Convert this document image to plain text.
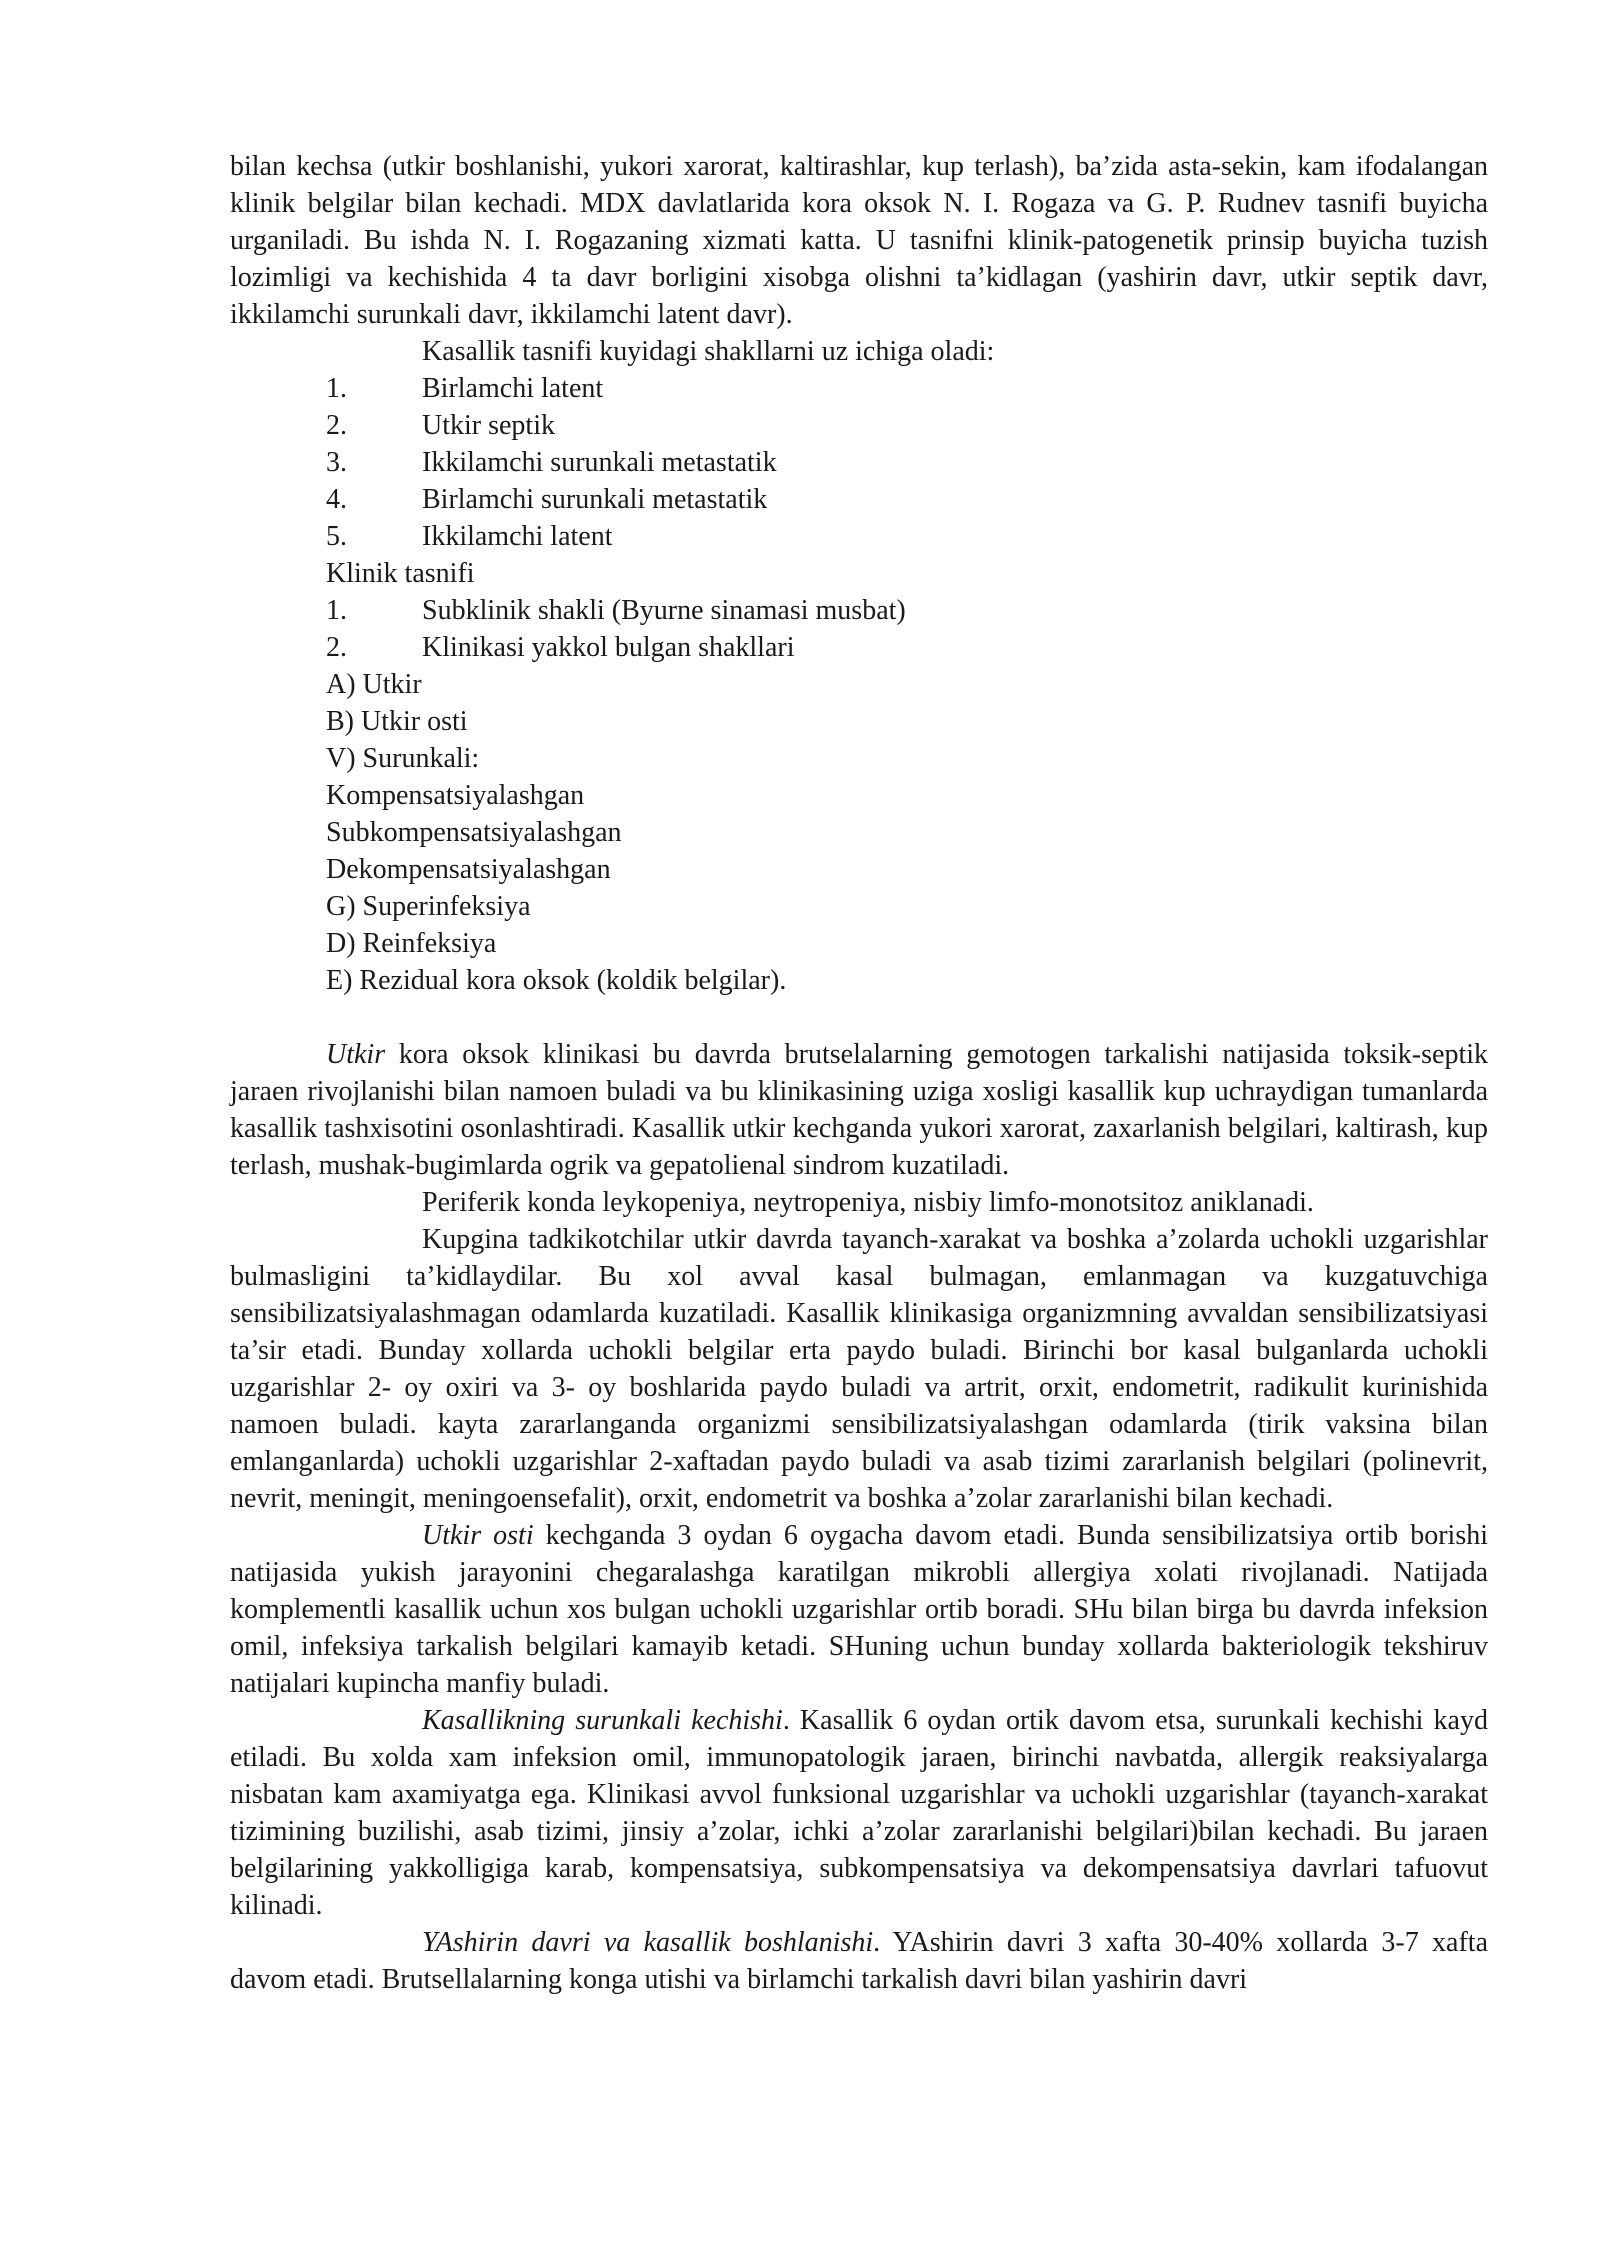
bilan kechsa (utkir boshlanishi, yukori xarorat, kaltirashlar, kup terlash), ba’zida asta-sekin, kam ifodalangan klinik belgilar bilan kechadi. MDX davlatlarida kora oksok N. I. Rogaza va G. P. Rudnev tasnifi buyicha urganiladi. Bu ishda N. I. Rogazaning xizmati katta. U tasnifni klinik-patogenetik prinsip buyicha tuzish lozimligi va kechishida 4 ta davr borligini xisobga olishni ta’kidlagan (yashirin davr, utkir septik davr, ikkilamchi surunkali davr, ikkilamchi latent davr).

Kasallik tasnifi kuyidagi shakllarni uz ichiga oladi:

1.	Birlamchi latent

2.	Utkir septik

3.	Ikkilamchi surunkali metastatik

4.	Birlamchi surunkali metastatik

5.	Ikkilamchi latent

Klinik tasnifi

1.	Subklinik shakli (Byurne sinamasi musbat)

2.	Klinikasi yakkol bulgan shakllari

A) Utkir

B) Utkir osti

V) Surunkali:

Kompensatsiyalashgan

Subkompensatsiyalashgan

Dekompensatsiyalashgan

G) Superinfeksiya

D) Reinfeksiya

E) Rezidual kora oksok (koldik belgilar).

Utkir kora oksok klinikasi bu davrda brutselalarning gemotogen tarkalishi natijasida toksik-septik jaraen rivojlanishi bilan namoen buladi va bu klinikasining uziga xosligi kasallik kup uchraydigan tumanlarda kasallik tashxisotini osonlashtiradi. Kasallik utkir kechganda yukori xarorat, zaxarlanish belgilari, kaltirash, kup terlash, mushak-bugimlarda ogrik va gepatolienal sindrom kuzatiladi.

Periferik konda leykopeniya, neytropeniya, nisbiy limfo-monotsitoz aniklanadi.

Kupgina tadkikotchilar utkir davrda tayanch-xarakat va boshka a’zolarda uchokli uzgarishlar bulmasligini ta’kidlaydilar. Bu xol avval kasal bulmagan, emlanmagan va kuzgatuvchiga sensibilizatsiyalashmagan odamlarda kuzatiladi. Kasallik klinikasiga organizmning avvaldan sensibilizatsiyasi ta’sir etadi. Bunday xollarda uchokli belgilar erta paydo buladi. Birinchi bor kasal bulganlarda uchokli uzgarishlar 2- oy oxiri va 3- oy boshlarida paydo buladi va artrit, orxit, endometrit, radikulit kurinishida namoen buladi. kayta zararlanganda organizmi sensibilizatsiyalashgan odamlarda (tirik vaksina bilan emlanganlarda) uchokli uzgarishlar 2-xaftadan paydo buladi va asab tizimi zararlanish belgilari (polinevrit, nevrit, meningit, meningoensefalit), orxit, endometrit va boshka a’zolar zararlanishi bilan kechadi.

Utkir osti kechganda 3 oydan 6 oygacha davom etadi. Bunda sensibilizatsiya ortib borishi natijasida yukish jarayonini chegaralashga karatilgan mikrobli allergiya xolati rivojlanadi. Natijada komplementli kasallik uchun xos bulgan uchokli uzgarishlar ortib boradi. SHu bilan birga bu davrda infeksion omil, infeksiya tarkalish belgilari kamayib ketadi. SHuning uchun bunday xollarda bakteriologik tekshiruv natijalari kupincha manfiy buladi.

Kasallikning surunkali kechishi. Kasallik 6 oydan ortik davom etsa, surunkali kechishi kayd etiladi. Bu xolda xam infeksion omil, immunopatologik jaraen, birinchi navbatda, allergik reaksiyalarga nisbatan kam axamiyatga ega. Klinikasi avvol funksional uzgarishlar va uchokli uzgarishlar (tayanch-xarakat tizimining buzilishi, asab tizimi, jinsiy a’zolar, ichki a’zolar zararlanishi belgilari)bilan kechadi. Bu jaraen belgilarining yakkolligiga karab, kompensatsiya, subkompensatsiya va dekompensatsiya davrlari tafuovut kilinadi.

YAshirin davri va kasallik boshlanishi. YAshirin davri 3 xafta 30-40% xollarda 3-7 xafta davom etadi. Brutsellalarning konga utishi va birlamchi tarkalish davri bilan yashirin davri
